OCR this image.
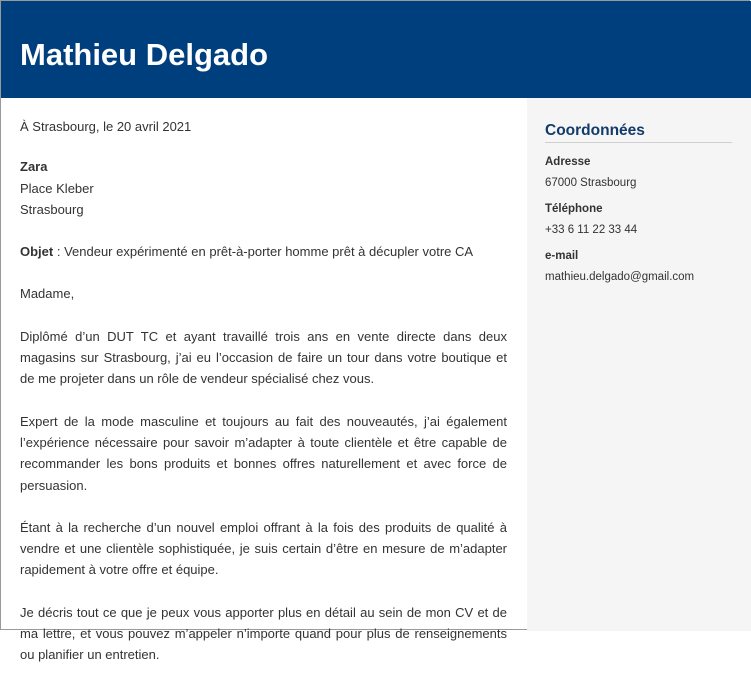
Mathieu Delgado

À Strasbourg, le 20 avril 2021

Zara
Place Kleber
Strasbourg

Objet : Vendeur expérimenté en prêt-à-porter homme prêt à décupler votre CA

Madame,

Diplômé d’un DUT TC et ayant travaillé trois ans en vente directe dans deux magasins sur Strasbourg, j’ai eu l’occasion de faire un tour dans votre boutique et de me projeter dans un rôle de vendeur spécialisé chez vous.

Expert de la mode masculine et toujours au fait des nouveautés, j’ai également l’expérience nécessaire pour savoir m’adapter à toute clientèle et être capable de recommander les bons produits et bonnes offres naturellement et avec force de persuasion.

Étant à la recherche d’un nouvel emploi offrant à la fois des produits de qualité à vendre et une clientèle sophistiquée, je suis certain d’être en mesure de m’adapter rapidement à votre offre et équipe.

Je décris tout ce que je peux vous apporter plus en détail au sein de mon CV et de ma lettre, et vous pouvez m’appeler n’importe quand pour plus de renseignements ou planifier un entretien.

Coordonnées
Adresse
67000 Strasbourg
Téléphone
+33 6 11 22 33 44
e-mail
mathieu.delgado@gmail.com
